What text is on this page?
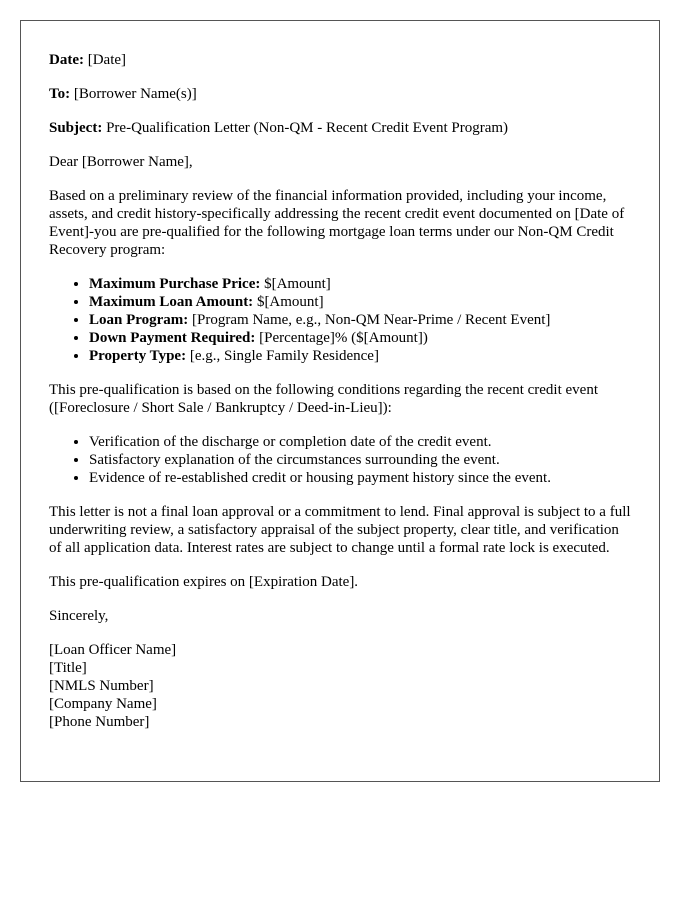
Date: [Date]

To: [Borrower Name(s)]

Subject: Pre-Qualification Letter (Non-QM - Recent Credit Event Program)

Dear [Borrower Name],

Based on a preliminary review of the financial information provided, including your income, assets, and credit history-specifically addressing the recent credit event documented on [Date of Event]-you are pre-qualified for the following mortgage loan terms under our Non-QM Credit Recovery program:

• Maximum Purchase Price: $[Amount]
• Maximum Loan Amount: $[Amount]
• Loan Program: [Program Name, e.g., Non-QM Near-Prime / Recent Event]
• Down Payment Required: [Percentage]% ($[Amount])
• Property Type: [e.g., Single Family Residence]

This pre-qualification is based on the following conditions regarding the recent credit event ([Foreclosure / Short Sale / Bankruptcy / Deed-in-Lieu]):

• Verification of the discharge or completion date of the credit event.
• Satisfactory explanation of the circumstances surrounding the event.
• Evidence of re-established credit or housing payment history since the event.

This letter is not a final loan approval or a commitment to lend. Final approval is subject to a full underwriting review, a satisfactory appraisal of the subject property, clear title, and verification of all application data. Interest rates are subject to change until a formal rate lock is executed.

This pre-qualification expires on [Expiration Date].

Sincerely,

[Loan Officer Name]
[Title]
[NMLS Number]
[Company Name]
[Phone Number]
